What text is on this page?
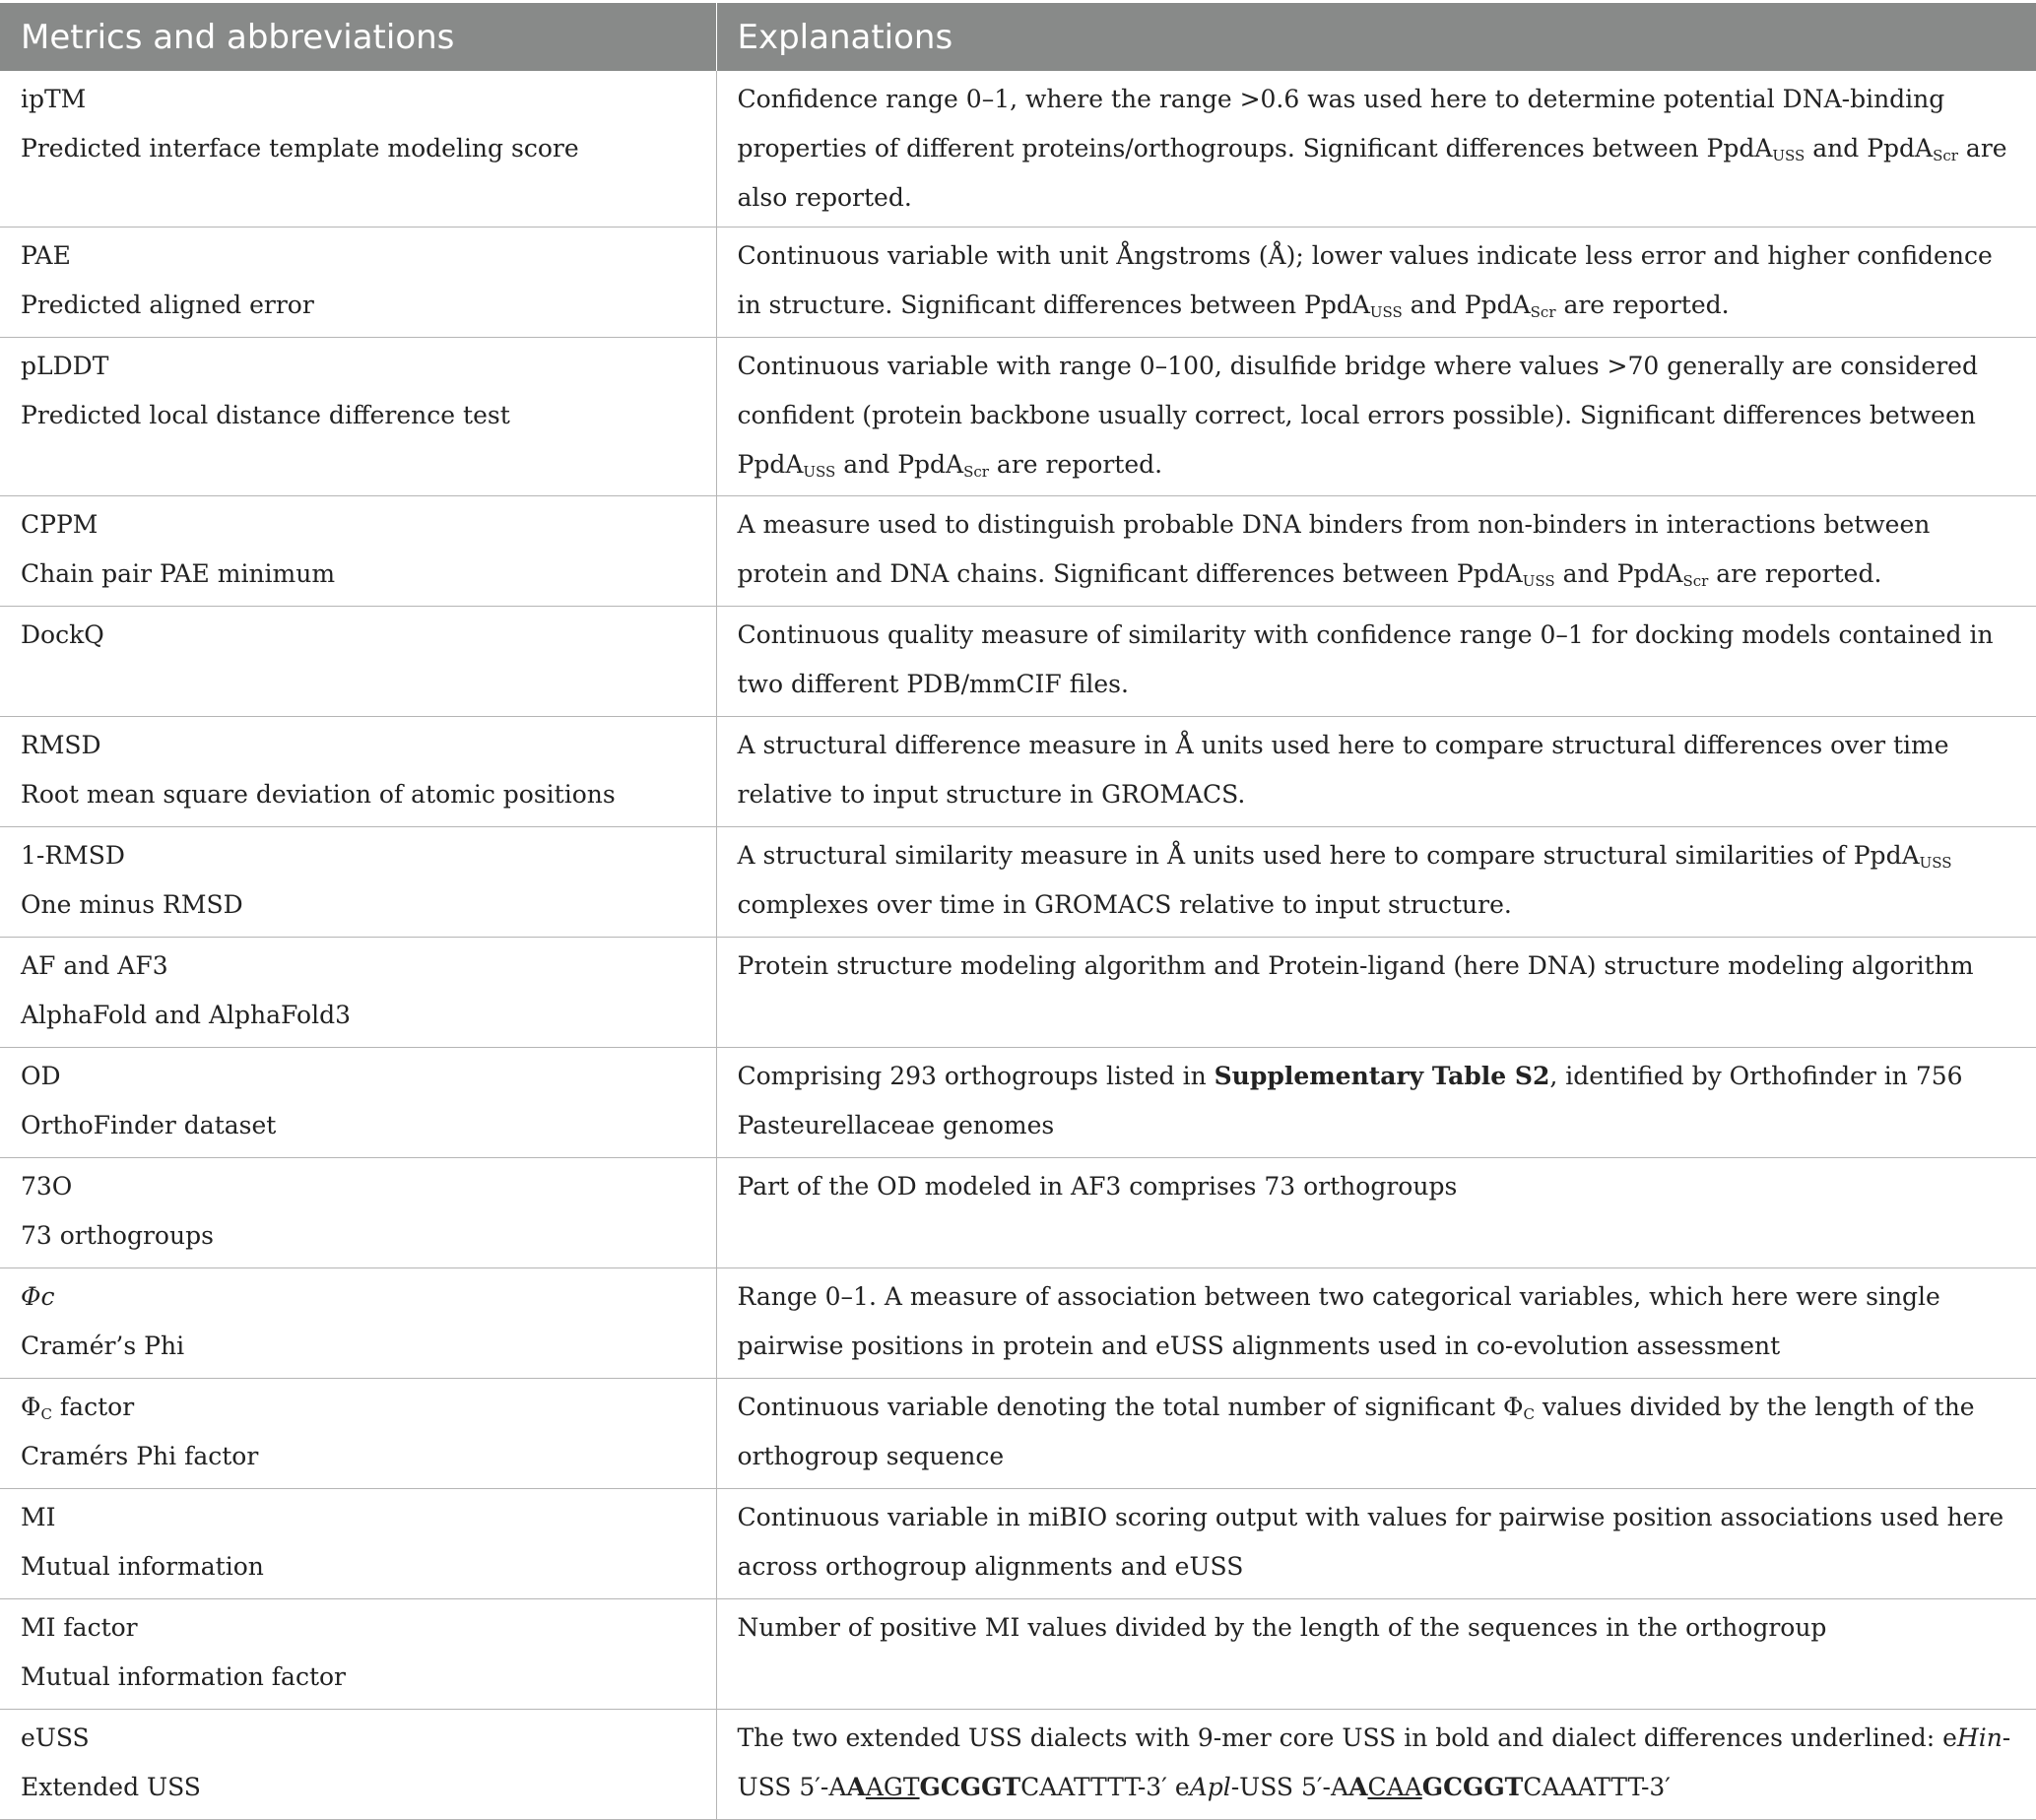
Metrics and abbreviations	Explanations

ipTM
Predicted interface template modeling score	Confidence range 0–1, where the range >0.6 was used here to determine potential DNA-binding properties of different proteins/orthogroups. Significant differences between PpdA$_{USS}$ and PpdA$_{Scr}$ are also reported.

PAE
Predicted aligned error	Continuous variable with unit Ångstroms (Å); lower values indicate less error and higher confidence in structure. Significant differences between PpdA$_{USS}$ and PpdA$_{Scr}$ are reported.

pLDDT
Predicted local distance difference test	Continuous variable with range 0–100, disulfide bridge where values >70 generally are considered confident (protein backbone usually correct, local errors possible). Significant differences between PpdA$_{USS}$ and PpdA$_{Scr}$ are reported.

CPPM
Chain pair PAE minimum	A measure used to distinguish probable DNA binders from non-binders in interactions between protein and DNA chains. Significant differences between PpdA$_{USS}$ and PpdA$_{Scr}$ are reported.

DockQ	Continuous quality measure of similarity with confidence range 0–1 for docking models contained in two different PDB/mmCIF files.

RMSD
Root mean square deviation of atomic positions	A structural difference measure in Å units used here to compare structural differences over time relative to input structure in GROMACS.

1-RMSD
One minus RMSD	A structural similarity measure in Å units used here to compare structural similarities of PpdA$_{USS}$ complexes over time in GROMACS relative to input structure.

AF and AF3
AlphaFold and AlphaFold3	Protein structure modeling algorithm and Protein-ligand (here DNA) structure modeling algorithm

OD
OrthoFinder dataset	Comprising 293 orthogroups listed in Supplementary Table S2, identified by Orthofinder in 756 Pasteurellaceae genomes

73O
73 orthogroups	Part of the OD modeled in AF3 comprises 73 orthogroups

Φc
Cramér’s Phi	Range 0–1. A measure of association between two categorical variables, which here were single pairwise positions in protein and eUSS alignments used in co-evolution assessment

$\Phi_C$ factor
Cramérs Phi factor	Continuous variable denoting the total number of significant $\Phi_C$ values divided by the length of the orthogroup sequence

MI
Mutual information	Continuous variable in miBIO scoring output with values for pairwise position associations used here across orthogroup alignments and eUSS

MI factor
Mutual information factor	Number of positive MI values divided by the length of the sequences in the orthogroup

eUSS
Extended USS	The two extended USS dialects with 9-mer core USS in bold and dialect differences underlined: eHin-USS 5′-AAAGTGCGGTCAATTTT-3′ eApl-USS 5′-AACAAGCGGTCAAATTT-3′
